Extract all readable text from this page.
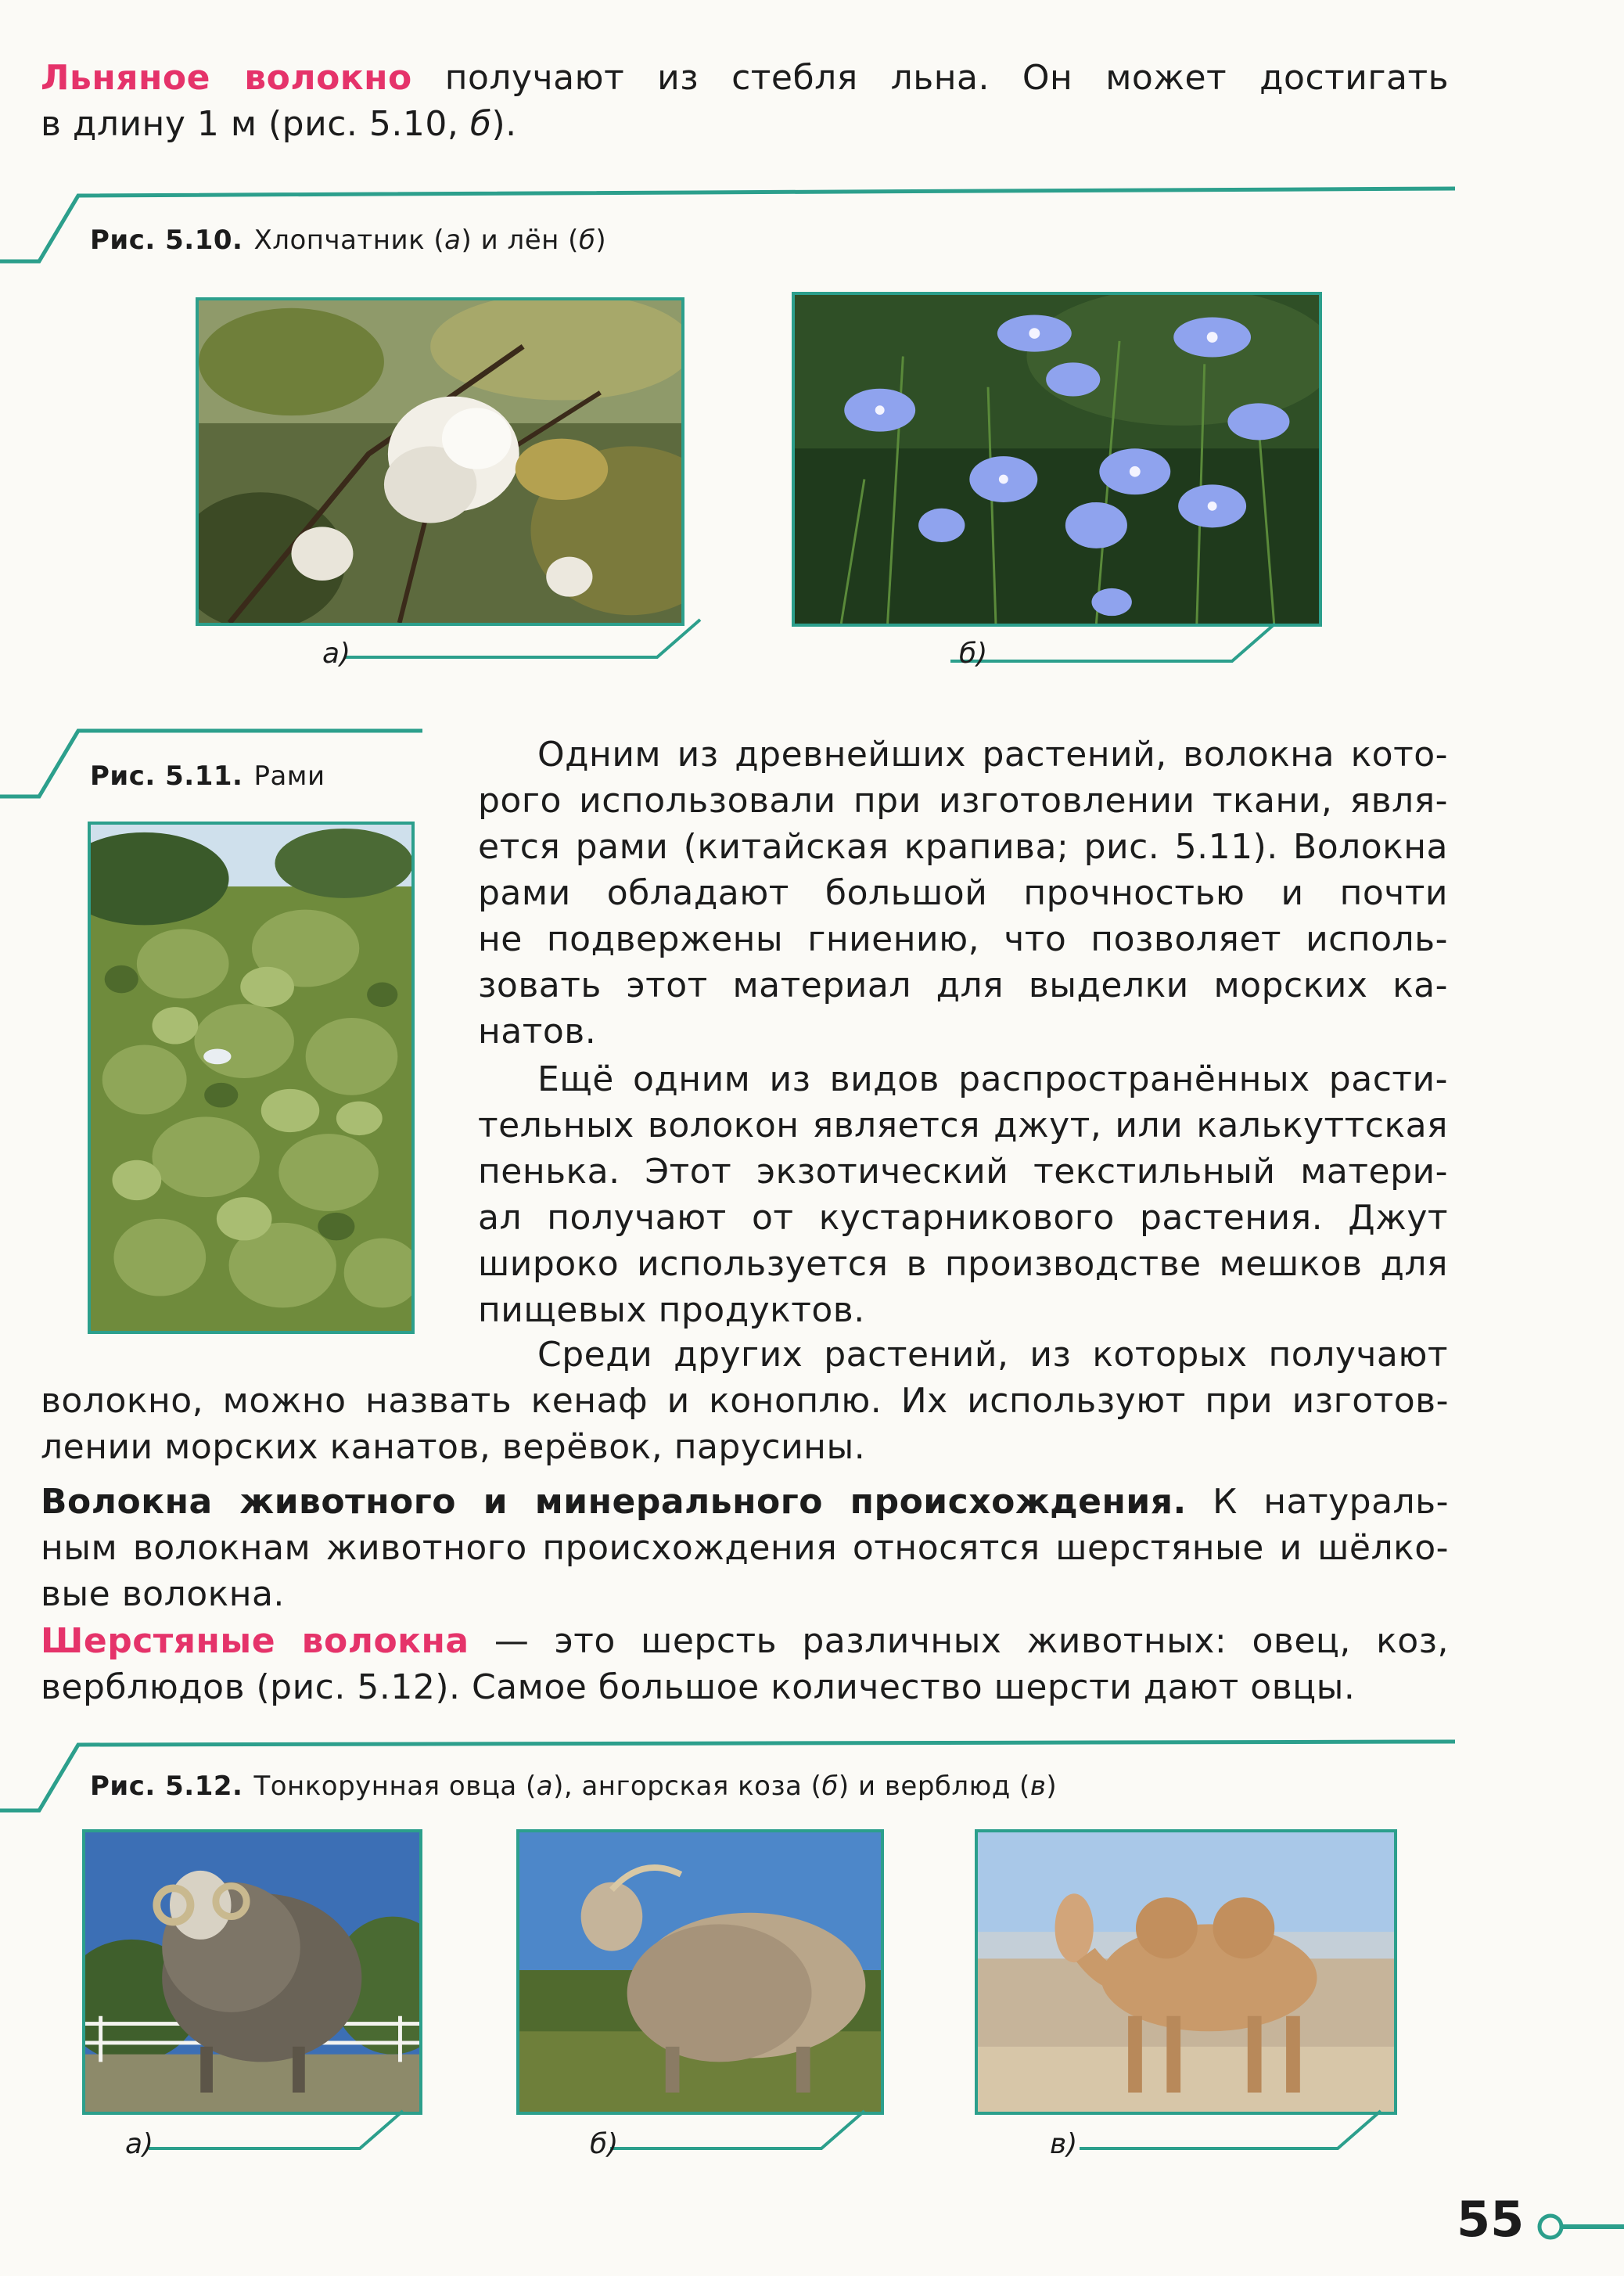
Льняное волокно получают из стебля льна. Он может достигать
в длину 1 м (рис. 5.10, б).
Рис. 5.10. Хлопчатник (а) и лён (б)
а)	б)
Рис. 5.11. Рами
Одним из древнейших растений, волокна кото-
рого использовали при изготовлении ткани, явля-
ется рами (китайская крапива; рис. 5.11). Волокна
рами обладают большой прочностью и почти
не подвержены гниению, что позволяет исполь-
зовать этот материал для выделки морских ка-
натов.
Ещё одним из видов распространённых расти-
тельных волокон является джут, или калькуттская
пенька. Этот экзотический текстильный матери-
ал получают от кустарникового растения. Джут
широко используется в производстве мешков для
пищевых продуктов.
Среди других растений, из которых получают
волокно, можно назвать кенаф и коноплю. Их используют при изготов-
лении морских канатов, верёвок, парусины.
Волокна животного и минерального происхождения. К натураль-
ным волокнам животного происхождения относятся шерстяные и шёлко-
вые волокна.
Шерстяные волокна — это шерсть различных животных: овец, коз,
верблюдов (рис. 5.12). Самое большое количество шерсти дают овцы.
Рис. 5.12. Тонкорунная овца (а), ангорская коза (б) и верблюд (в)
а)	б)	в)
55
